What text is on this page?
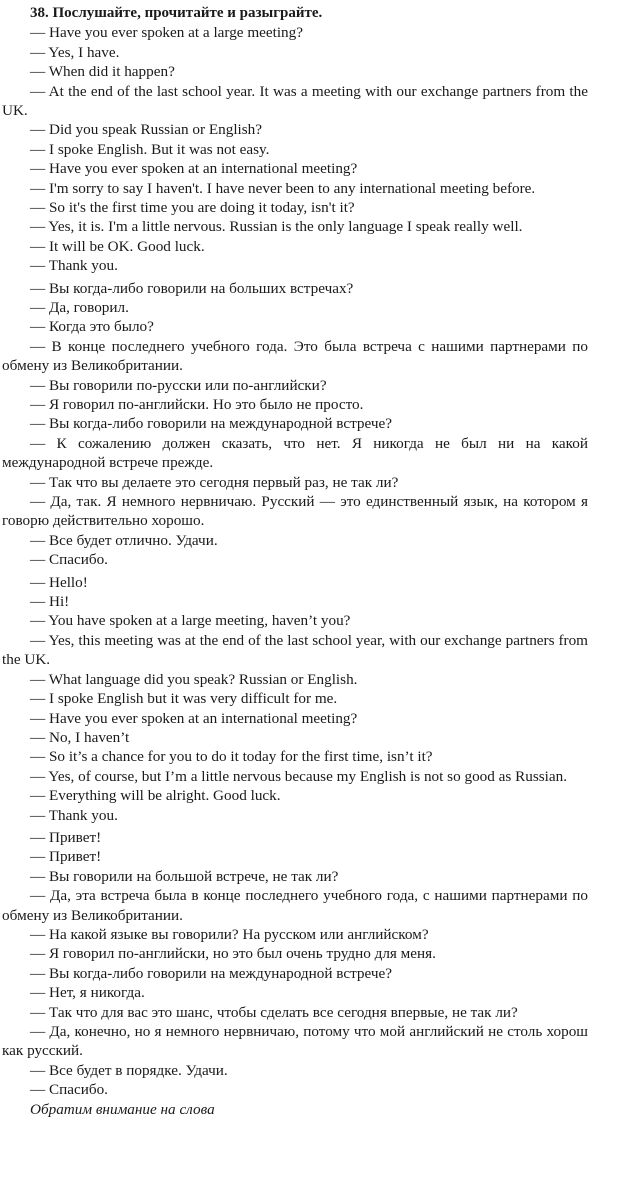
38. Послушайте, прочитайте и разыграйте.
— Have you ever spoken at a large meeting?
— Yes, I have.
— When did it happen?
— At the end of the last school year. It was a meeting with our exchange partners from the UK.
— Did you speak Russian or English?
— I spoke English. But it was not easy.
— Have you ever spoken at an international meeting?
— I'm sorry to say I haven't. I have never been to any international meeting before.
— So it's the first time you are doing it today, isn't it?
— Yes, it is. I'm a little nervous. Russian is the only language I speak really well.
— It will be OK. Good luck.
— Thank you.
— Вы когда-либо говорили на больших встречах?
— Да, говорил.
— Когда это было?
— В конце последнего учебного года. Это была встреча с нашими партнерами по обмену из Великобритании.
— Вы говорили по-русски или по-английски?
— Я говорил по-английски. Но это было не просто.
— Вы когда-либо говорили на международной встрече?
— К сожалению должен сказать, что нет. Я никогда не был ни на какой международной встрече прежде.
— Так что вы делаете это сегодня первый раз, не так ли?
— Да, так. Я немного нервничаю. Русский — это единственный язык, на котором я говорю действительно хорошо.
— Все будет отлично. Удачи.
— Спасибо.
— Hello!
— Hi!
— You have spoken at a large meeting, haven’t you?
— Yes, this meeting was at the end of the last school year, with our exchange partners from the UK.
— What language did you speak? Russian or English.
— I spoke English but it was very difficult for me.
— Have you ever spoken at an international meeting?
— No, I haven’t
— So it’s a chance for you to do it today for the first time, isn’t it?
— Yes, of course, but I’m a little nervous because my English is not so good as Russian.
— Everything will be alright. Good luck.
— Thank you.
— Привет!
— Привет!
— Вы говорили на большой встрече, не так ли?
— Да, эта встреча была в конце последнего учебного года, с нашими партнерами по обмену из Великобритании.
— На какой языке вы говорили? На русском или английском?
— Я говорил по-английски, но это был очень трудно для меня.
— Вы когда-либо говорили на международной встрече?
— Нет, я никогда.
— Так что для вас это шанс, чтобы сделать все сегодня впервые, не так ли?
— Да, конечно, но я немного нервничаю, потому что мой английский не столь хорош как русский.
— Все будет в порядке. Удачи.
— Спасибо.
Обратим внимание на слова
